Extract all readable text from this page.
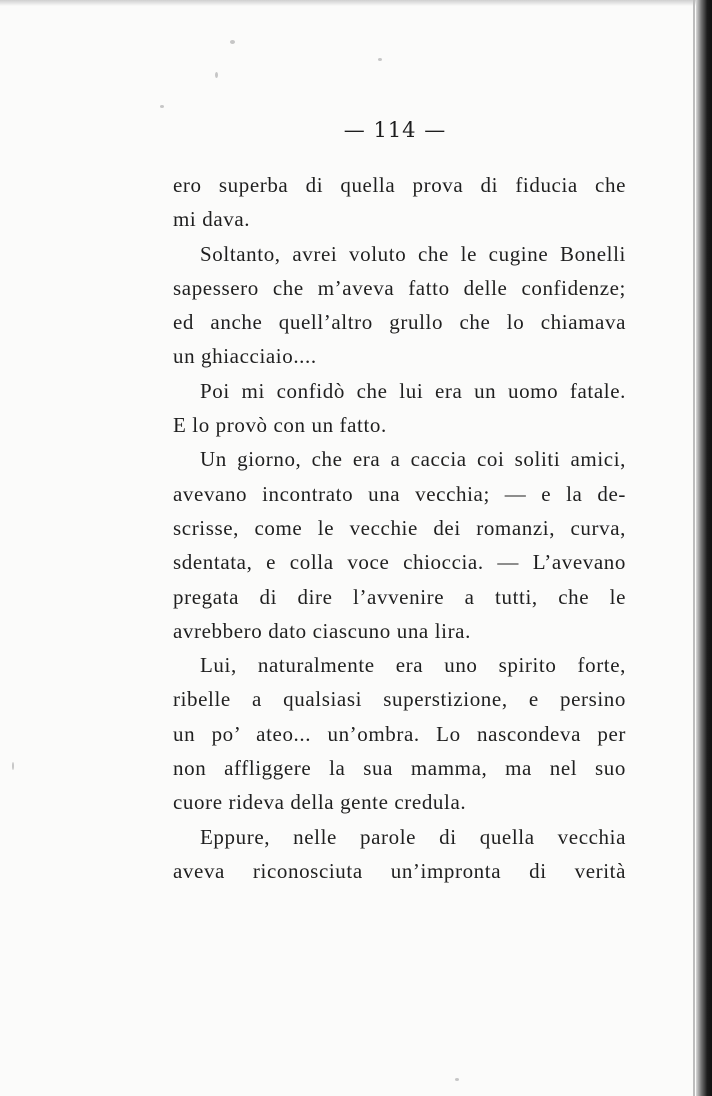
— 114 —
ero superba di quella prova di fiducia che
mi dava.
Soltanto, avrei voluto che le cugine Bonelli
sapessero che m’aveva fatto delle confidenze;
ed anche quell’altro grullo che lo chiamava
un ghiacciaio....
Poi mi confidò che lui era un uomo fatale.
E lo provò con un fatto.
Un giorno, che era a caccia coi soliti amici,
avevano incontrato una vecchia; — e la de-
scrisse, come le vecchie dei romanzi, curva,
sdentata, e colla voce chioccia. — L’avevano
pregata di dire l’avvenire a tutti, che le
avrebbero dato ciascuno una lira.
Lui, naturalmente era uno spirito forte,
ribelle a qualsiasi superstizione, e persino
un po’ ateo... un’ombra. Lo nascondeva per
non affliggere la sua mamma, ma nel suo
cuore rideva della gente credula.
Eppure, nelle parole di quella vecchia
aveva riconosciuta un’impronta di verità
